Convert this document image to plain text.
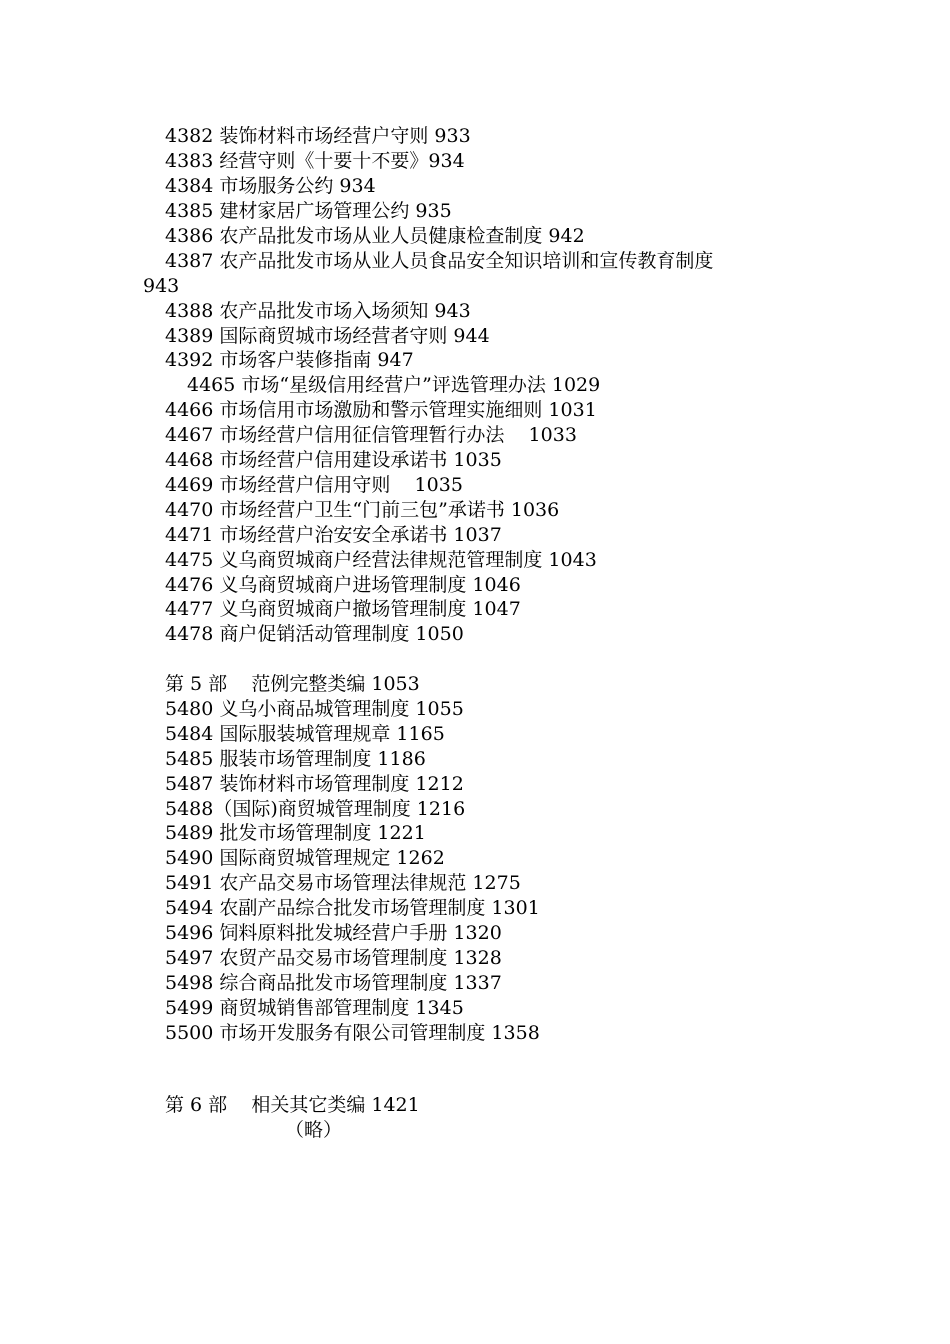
4382 装饰材料市场经营户守则 933
4383 经营守则《十要十不要》934
4384 市场服务公约 934
4385 建材家居广场管理公约 935
4386 农产品批发市场从业人员健康检查制度 942
4387 农产品批发市场从业人员食品安全知识培训和宣传教育制度
943
4388 农产品批发市场入场须知 943
4389 国际商贸城市场经营者守则 944
4392 市场客户装修指南 947
4465 市场“星级信用经营户”评选管理办法 1029
4466 市场信用市场激励和警示管理实施细则 1031
4467 市场经营户信用征信管理暂行办法    1033
4468 市场经营户信用建设承诺书 1035
4469 市场经营户信用守则    1035
4470 市场经营户卫生“门前三包”承诺书 1036
4471 市场经营户治安安全承诺书 1037
4475 义乌商贸城商户经营法律规范管理制度 1043
4476 义乌商贸城商户进场管理制度 1046
4477 义乌商贸城商户撤场管理制度 1047
4478 商户促销活动管理制度 1050
第 5 部    范例完整类编 1053
5480 义乌小商品城管理制度 1055
5484 国际服装城管理规章 1165
5485 服装市场管理制度 1186
5487 装饰材料市场管理制度 1212
5488（国际)商贸城管理制度 1216
5489 批发市场管理制度 1221
5490 国际商贸城管理规定 1262
5491 农产品交易市场管理法律规范 1275
5494 农副产品综合批发市场管理制度 1301
5496 饲料原料批发城经营户手册 1320
5497 农贸产品交易市场管理制度 1328
5498 综合商品批发市场管理制度 1337
5499 商贸城销售部管理制度 1345
5500 市场开发服务有限公司管理制度 1358
第 6 部    相关其它类编 1421
（略）
